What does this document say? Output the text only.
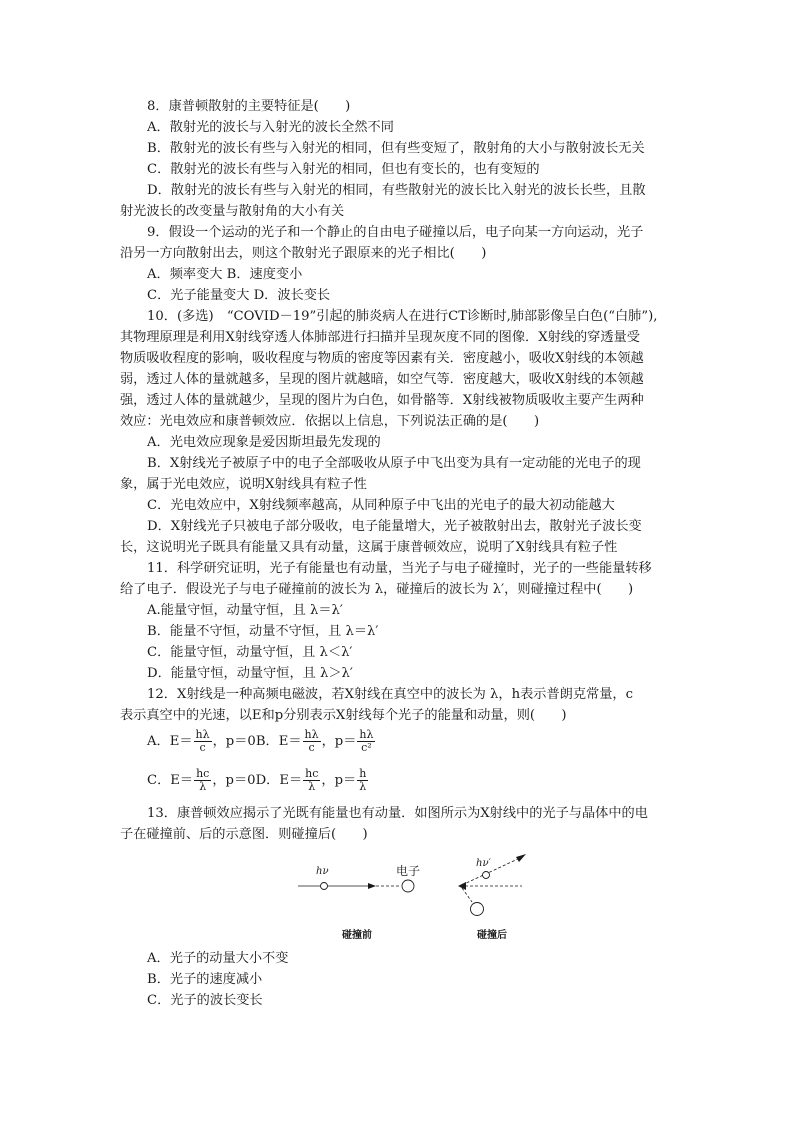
8．康普顿散射的主要特征是(　　)
A．散射光的波长与入射光的波长全然不同
B．散射光的波长有些与入射光的相同，但有些变短了，散射角的大小与散射波长无关
C．散射光的波长有些与入射光的相同，但也有变长的，也有变短的
D．散射光的波长有些与入射光的相同，有些散射光的波长比入射光的波长长些，且散
射光波长的改变量与散射角的大小有关
9．假设一个运动的光子和一个静止的自由电子碰撞以后，电子向某一方向运动，光子
沿另一方向散射出去，则这个散射光子跟原来的光子相比(　　)
A．频率变大 B．速度变小
C．光子能量变大 D．波长变长
10．(多选)　“COVID－19”引起的肺炎病人在进行CT诊断时,肺部影像呈白色(“白肺”),
其物理原理是利用X射线穿透人体肺部进行扫描并呈现灰度不同的图像．X射线的穿透量受
物质吸收程度的影响，吸收程度与物质的密度等因素有关．密度越小，吸收X射线的本领越
弱，透过人体的量就越多，呈现的图片就越暗，如空气等．密度越大，吸收X射线的本领越
强，透过人体的量就越少，呈现的图片为白色，如骨骼等．X射线被物质吸收主要产生两种
效应：光电效应和康普顿效应．依据以上信息，下列说法正确的是(　　)
A．光电效应现象是爱因斯坦最先发现的
B．X射线光子被原子中的电子全部吸收从原子中飞出变为具有一定动能的光电子的现
象，属于光电效应，说明X射线具有粒子性
C．光电效应中，X射线频率越高，从同种原子中飞出的光电子的最大初动能越大
D．X射线光子只被电子部分吸收，电子能量增大，光子被散射出去，散射光子波长变
长，这说明光子既具有能量又具有动量，这属于康普顿效应，说明了X射线具有粒子性
11．科学研究证明，光子有能量也有动量，当光子与电子碰撞时，光子的一些能量转移
给了电子．假设光子与电子碰撞前的波长为 λ，碰撞后的波长为 λ′，则碰撞过程中(　　)
A.能量守恒，动量守恒，且 λ＝λ′
B．能量不守恒，动量不守恒，且 λ＝λ′
C．能量守恒，动量守恒，且 λ＜λ′
D．能量守恒，动量守恒，且 λ＞λ′
12．X射线是一种高频电磁波，若X射线在真空中的波长为 λ，h表示普朗克常量，c
表示真空中的光速，以E和p分别表示X射线每个光子的能量和动量，则(　　)
A．$E= \frac{h\lambda}{c}$ ，p＝0B．$E= \frac{h\lambda}{c}$ ，$p= \frac{h\lambda}{\text{c²}}$
C．$E= \frac{hc}{\lambda}$ ，p＝0D．$E= \frac{hc}{\lambda}$ ，$p= \frac{h}{\lambda}$
13．康普顿效应揭示了光既有能量也有动量．如图所示为X射线中的光子与晶体中的电
子在碰撞前、后的示意图．则碰撞后(　　)
hν	电子
碰撞前
hν′
碰撞后
A．光子的动量大小不变
B．光子的速度减小
C．光子的波长变长
